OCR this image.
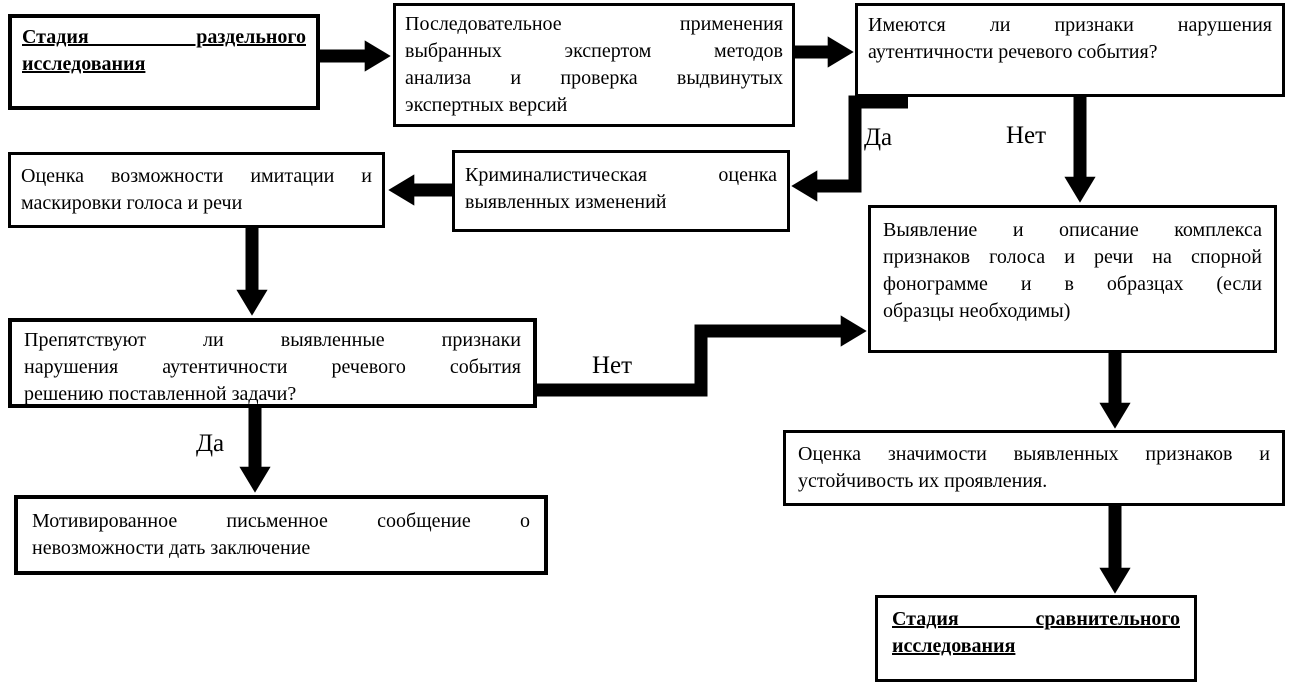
Стадия раздельного
исследования
Последовательное применения
выбранных экспертом методов
анализа и проверка выдвинутых
экспертных версий
Имеются ли признаки нарушения
аутентичности речевого события?
Оценка возможности имитации и
маскировки голоса и речи
Криминалистическая оценка
выявленных изменений
Выявление и описание комплекса
признаков голоса и речи на спорной
фонограмме и в образцах (если
образцы необходимы)
Препятствуют ли выявленные признаки
нарушения аутентичности речевого события
решению поставленной задачи?
Мотивированное письменное сообщение о
невозможности дать заключение
Оценка значимости выявленных признаков и
устойчивость их проявления.
Стадия сравнительного
исследования
Да	Нет
Нет
Да
